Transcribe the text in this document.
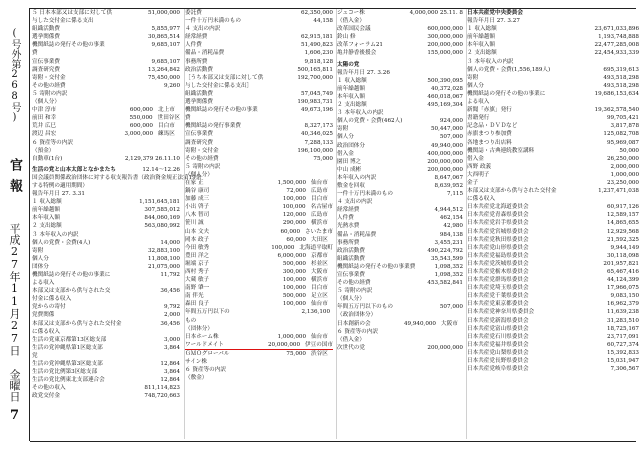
7
平成27年11月27日 金曜日
官報
(号外第268号)
５ 日本本部又は支部に対して供	51,000,000
与した交付金に係る支出
組織活動費	5,855,977
選挙関係費	30,865,514
機関紙誌の発行その他の事業	9,685,107
費
宣伝事業費	9,685,107
調査研究費	13,264,842
寄附・交付金	75,450,000
その他の経費	9,260
５ 寄附の内訳
（個人分）
中津 淳市	600,000 北上市
前田 和幸	550,000 世田谷区
荒井 広巳	600,000 目白市
渡辺 昌宏	3,000,000 練馬区
６ 資産等の内訳
（預金）
自動車(1台)	2,129,379 26.11.10
生活の党と山本太郎となかまたち	12.14～12.26
国会議員関係政治団体に対する収支報告書（政治資金規正法第19条
する特例の適用期間）
報告年月日 27. 3.31
１ 収入総額	1,151,645,181
前年繰越額	307,585,012
本年収入額	844,060,169
２ 支出総額	563,080,992
３ 本年収入の内訳
個人の党費・会費(4人)	14,000
寄附	32,883,100
個人分	11,808,100
団体分	21,075,000
機関紙誌の発行その他の事業に	11,792
よる収入
本部又は支部から供与された交	36,456
付金に係る収入
党からの寄付	9,792
党費関係	2,000
本部又は支部から供与された交付金	36,456
に係る収入
生活の党東京都第13区総支部	3,000
生活の党沖縄県第1区総支部	3,864
党
生活の党沖縄県第3区総支部	12,864
生活の党比例第3区総支部	3,864
生活の党比例東北支部連合会	12,864
その他の収入	811,114,823
政党交付金	748,720,663
委託費	62,350,000
一件十万円未満のもの	44,158
４ 支出の内訳
経常経費	62,915,181
人件費	51,490,823
備品・消耗品費	1,606,230
事務所費	9,818,128
政治活動費	500,165,811
［うち本部又は支部に対して供	192,700,000
与した交付金に係る支出］
組織活動費	57,045,749
選挙関係費	190,983,731
機関紙誌の発行その他の事業	49,673,196
費
機関紙誌の発行事業費	8,327,173
宣伝事業費	40,346,025
調査研究費	7,288,133
寄附・交付金	196,100,000
その他の経費	75,000
５ 寄附の内訳
（個人分）
在家 正	1,500,000 仙台市
鍋谷 康司	72,000 広島市
加藤 成三	100,000 目白市
小出 啓子	100,000 名古屋市
八木 智司	120,000 広島市
笹川 誠	290,000 横浜市
山本 文夫	60,000 さいたま市
岡本 政子	60,000 大田区
今田 敏秀	100,000 北海道平取町
豊田 洋之	6,000,000 京都市
堀端 京子	500,000 杉並区
西村 秀子	300,000 大阪市
大蔵 敏子	100,000 横浜市
南野 肇一	100,000 目白市
南 伴光	500,000 足立区
森田 良子	100,000 仙台市
年間五万円以下の	2,136,100
もの
（団体分）
日本ホーム株	1,000,000 仙台市
ワールドメイト	20,000,000 伊豆の国市
ＧＭＯグローバル	75,000 渋谷区
サイン株
６ 資産等の内訳
（敷金）
ジュコー株	4,000,000 25.11. 8
（借入金）
改革国民会議	600,000,000
鈴山 修	300,000,000
改革フォーラム21	200,000,000
亀井静香後援会	155,000,000
太陽の党
報告年月日 27. 3.26
１ 収入総額	500,390,095
前年繰越額	40,372,028
本年収入額	460,018,067
２ 支出総額	495,169,304
３ 本年収入の内訳
個人の党費・会費(462人)	924,000
寄附	50,447,000
個人分	507,000
政治団体分	49,940,000
借入金	400,000,000
園田 博之	200,000,000
中山 成彬	200,000,000
本年収入の内訳	8,647,067
敷金を回収	8,639,952
一件十万円未満のもの	7,115
４ 支出の内訳
経常経費	4,944,512
人件費	462,154
光熱水費	42,980
備品・消耗品費	984,138
事務所費	3,455,231
政治活動費	490,224,792
組織活動費	35,543,599
機関紙誌の発行その他の事業費	1,098,352
宣伝事業費	1,098,352
その他の経費	453,582,841
５ 寄附の内訳
（個人分）
年間五万円以下のもの	507,000
（政治団体分）
日本創新の会	49,940,000 大阪市
６ 資産等の内訳
（借入金）
次世代の党	200,000,000
日本共産党中央委員会
報告年月日 27. 3.27
１ 収入総額	23,671,033,896
前年繰越額	1,193,748,888
本年収入額	22,477,285,008
２ 支出総額	22,454,933,339
３ 本年収入の内訳
個人の党費・会費(1,556,189人)	695,319,613
寄附	493,518,298
個人分	493,518,298
機関紙誌の発行その他の事業に	19,686,153,634
よる収入
新聞「赤旗」発行	19,362,578,540
書籍発行	99,705,421
記念品・ＤＶＤなど	3,817,878
赤旗まつり参加費	125,082,708
各地まつり出店料	95,969,087
機関誌・古典連続教室講料	50,000
借入金	26,250,000
西野 政義	2,000,000
大西明子	1,000,000
金子	23,250,000
本部又は支部から供与された交付金	1,237,471,038
に係る収入
日本共産党北海道委員会	60,917,126
日本共産党青森県委員会	12,589,157
日本共産党岩手県委員会	14,865,655
日本共産党宮城県委員会	12,929,568
日本共産党秋田県委員会	21,592,325
日本共産党山形県委員会	9,944,149
日本共産党福島県委員会	30,118,098
日本共産党茨城県委員会	201,957,821
日本共産党栃木県委員会	65,467,416
日本共産党群馬県委員会	44,124,399
日本共産党埼玉県委員会	17,966,075
日本共産党千葉県委員会	9,083,150
日本共産党東京都委員会	16,962,379
日本共産党神奈川県委員会	11,639,238
日本共産党新潟県委員会	31,283,510
日本共産党富山県委員会	18,725,167
日本共産党石川県委員会	23,717,091
日本共産党福井県委員会	60,727,374
日本共産党山梨県委員会	15,392,833
日本共産党長野県委員会	15,031,947
日本共産党岐阜県委員会	7,306,567
